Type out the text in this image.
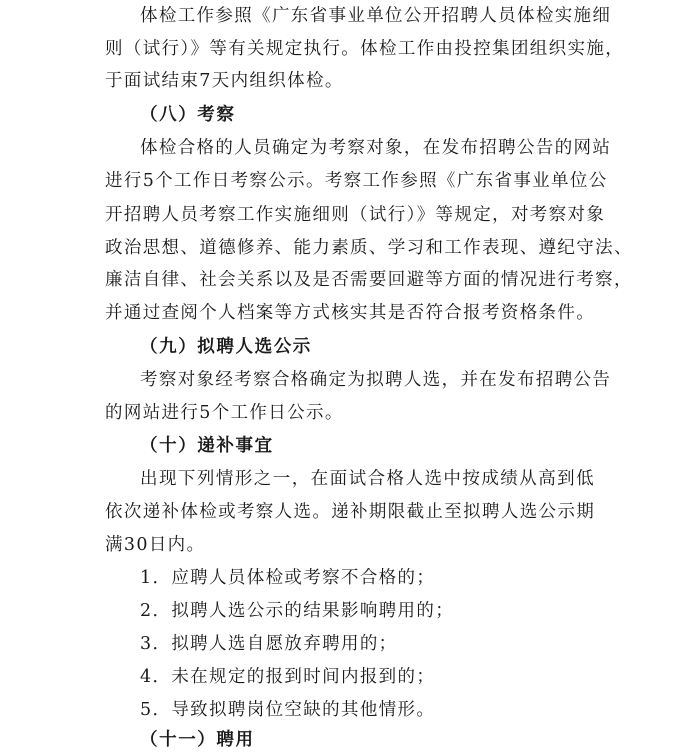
体检工作参照《广东省事业单位公开招聘人员体检实施细
则（试行）》等有关规定执行。体检工作由投控集团组织实施，
于面试结束7天内组织体检。
（八）考察
体检合格的人员确定为考察对象，在发布招聘公告的网站
进行5个工作日考察公示。考察工作参照《广东省事业单位公
开招聘人员考察工作实施细则（试行）》等规定，对考察对象
政治思想、道德修养、能力素质、学习和工作表现、遵纪守法、
廉洁自律、社会关系以及是否需要回避等方面的情况进行考察，
并通过查阅个人档案等方式核实其是否符合报考资格条件。
（九）拟聘人选公示
考察对象经考察合格确定为拟聘人选，并在发布招聘公告
的网站进行5个工作日公示。
（十）递补事宜
出现下列情形之一，在面试合格人选中按成绩从高到低
依次递补体检或考察人选。递补期限截止至拟聘人选公示期
满30日内。
1．应聘人员体检或考察不合格的；
2．拟聘人选公示的结果影响聘用的；
3．拟聘人选自愿放弃聘用的；
4．未在规定的报到时间内报到的；
5．导致拟聘岗位空缺的其他情形。
（十一）聘用
